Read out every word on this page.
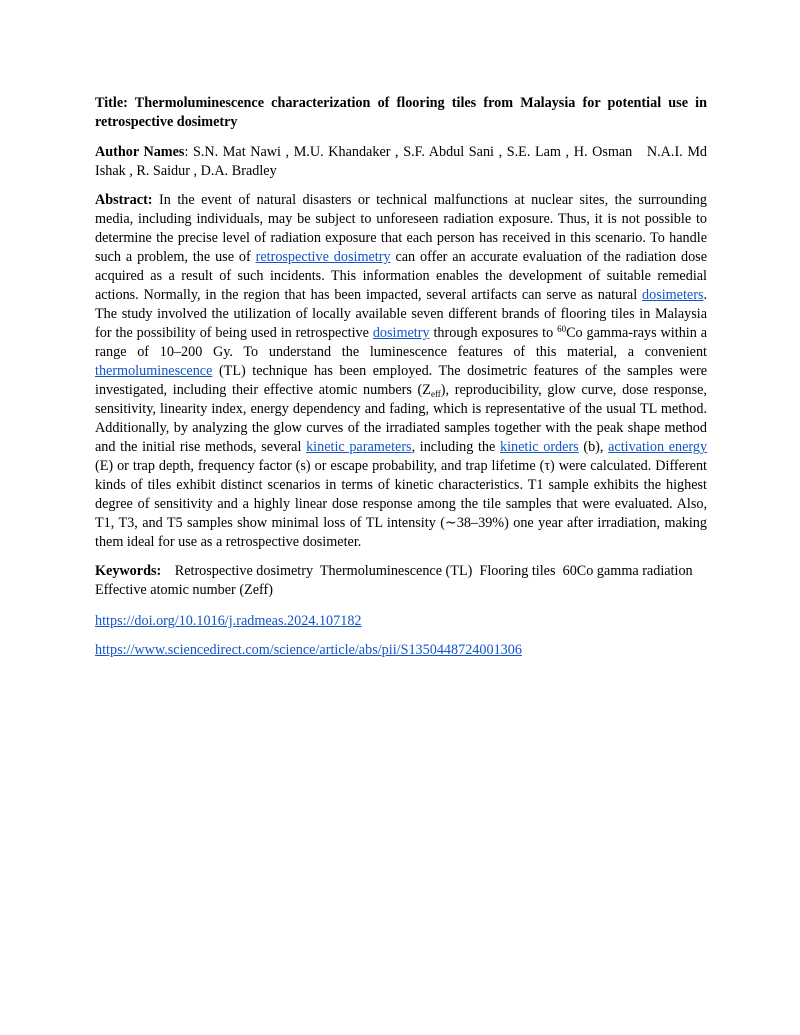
Title: Thermoluminescence characterization of flooring tiles from Malaysia for potential use in retrospective dosimetry
Author Names: S.N. Mat Nawi , M.U. Khandaker , S.F. Abdul Sani , S.E. Lam , H. Osman N.A.I. Md Ishak , R. Saidur , D.A. Bradley
Abstract: In the event of natural disasters or technical malfunctions at nuclear sites, the surrounding media, including individuals, may be subject to unforeseen radiation exposure. Thus, it is not possible to determine the precise level of radiation exposure that each person has received in this scenario. To handle such a problem, the use of retrospective dosimetry can offer an accurate evaluation of the radiation dose acquired as a result of such incidents. This information enables the development of suitable remedial actions. Normally, in the region that has been impacted, several artifacts can serve as natural dosimeters. The study involved the utilization of locally available seven different brands of flooring tiles in Malaysia for the possibility of being used in retrospective dosimetry through exposures to $^{60}$Co gamma-rays within a range of 10–200 Gy. To understand the luminescence features of this material, a convenient thermoluminescence (TL) technique has been employed. The dosimetric features of the samples were investigated, including their effective atomic numbers $(Z_{eff})$, reproducibility, glow curve, dose response, sensitivity, linearity index, energy dependency and fading, which is representative of the usual TL method. Additionally, by analyzing the glow curves of the irradiated samples together with the peak shape method and the initial rise methods, several kinetic parameters, including the kinetic orders (b), activation energy (E) or trap depth, frequency factor (s) or escape probability, and trap lifetime (τ) were calculated. Different kinds of tiles exhibit distinct scenarios in terms of kinetic characteristics. T1 sample exhibits the highest degree of sensitivity and a highly linear dose response among the tile samples that were evaluated. Also, T1, T3, and T5 samples show minimal loss of TL intensity (∼38–39%) one year after irradiation, making them ideal for use as a retrospective dosimeter.
Keywords: Retrospective dosimetry Thermoluminescence (TL) Flooring tiles 60Co gamma radiation Effective atomic number (Zeff)
https://doi.org/10.1016/j.radmeas.2024.107182
https://www.sciencedirect.com/science/article/abs/pii/S1350448724001306
